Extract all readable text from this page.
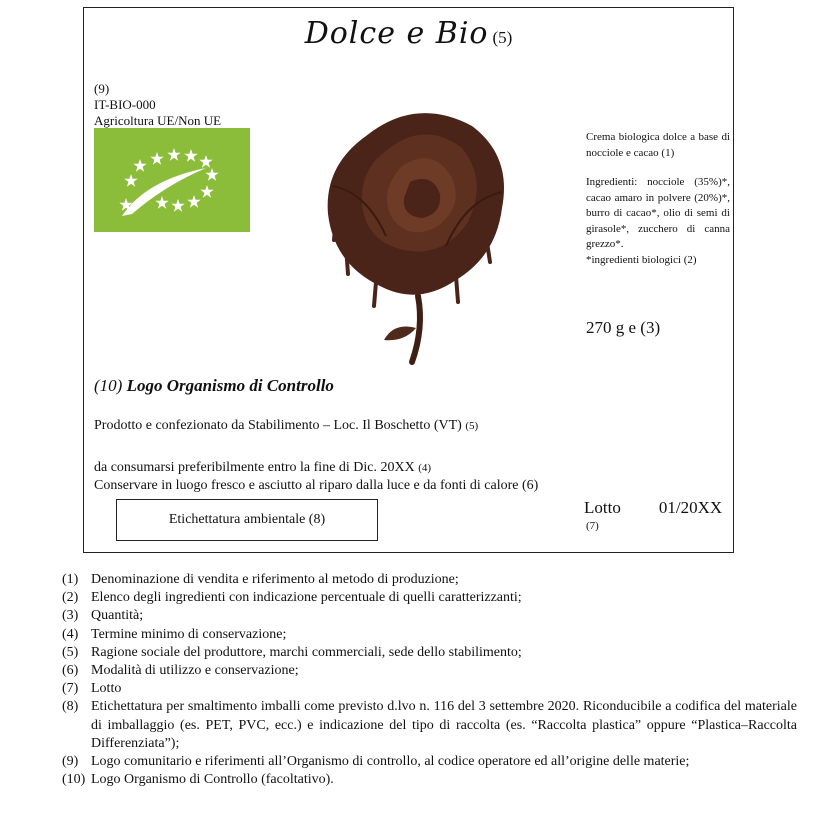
Dolce e Bio (5)
(9)
IT-BIO-000
Agricoltura UE/Non UE

Crema biologica dolce a base di nocciole e cacao (1)

Ingredienti: nocciole (35%)*, cacao amaro in polvere (20%)*, burro di cacao*, olio di semi di girasole*, zucchero di canna grezzo*.

*ingredienti biologici (2)

270 g e (3)
(10) Logo Organismo di Controllo
Prodotto e confezionato da Stabilimento – Loc. Il Boschetto (VT) (5)
da consumarsi preferibilmente entro la fine di Dic. 20XX (4)
Conservare in luogo fresco e asciutto al riparo dalla luce e da fonti di calore (6)
Etichettatura ambientale (8)
Lotto 01/20XX
(7)
(1) Denominazione di vendita e riferimento al metodo di produzione;
(2) Elenco degli ingredienti con indicazione percentuale di quelli caratterizzanti;
(3) Quantità;
(4) Termine minimo di conservazione;
(5) Ragione sociale del produttore, marchi commerciali, sede dello stabilimento;
(6) Modalità di utilizzo e conservazione;
(7) Lotto
(8) Etichettatura per smaltimento imballi come previsto d.lvo n. 116 del 3 settembre 2020. Riconducibile a codifica del materiale di imballaggio (es. PET, PVC, ecc.) e indicazione del tipo di raccolta (es. “Raccolta plastica” oppure “Plastica–Raccolta Differenziata”);
(9) Logo comunitario e riferimenti all’Organismo di controllo, al codice operatore ed all’origine delle materie;
(10) Logo Organismo di Controllo (facoltativo).
